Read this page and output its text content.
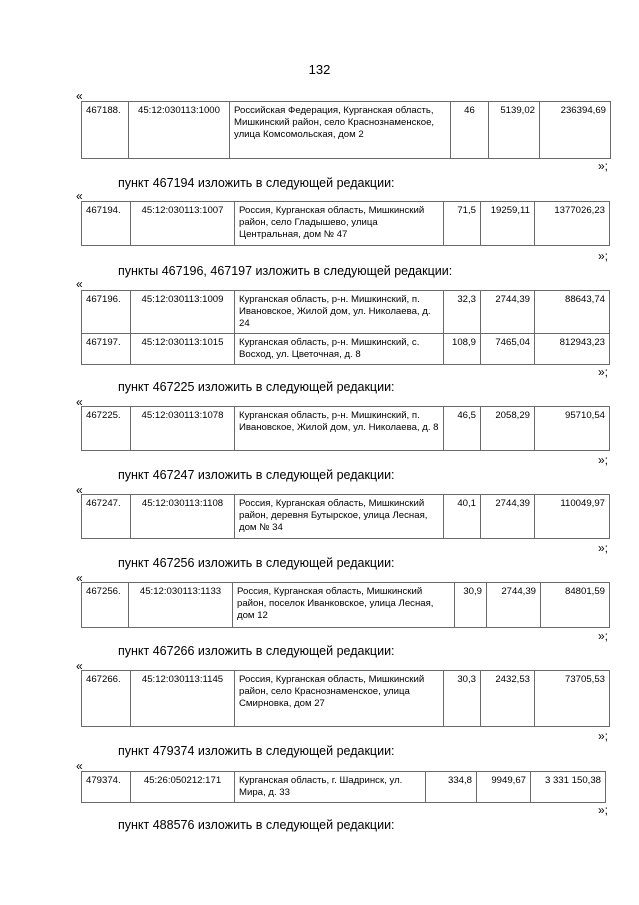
132
«
467188.	45:12:030113:1000	Российская Федерация, Курганская область, Мишкинский район, село Краснознаменское, улица Комсомольская, дом 2	46	5139,02	236394,69
»;
пункт 467194 изложить в следующей редакции:
«
467194.	45:12:030113:1007	Россия, Курганская область, Мишкинский район, село Гладышево, улица Центральная, дом № 47	71,5	19259,11	1377026,23
»;
пункты 467196, 467197 изложить в следующей редакции:
«
467196.	45:12:030113:1009	Курганская область, р-н. Мишкинский, п. Ивановское, Жилой дом, ул. Николаева, д. 24	32,3	2744,39	88643,74
467197.	45:12:030113:1015	Курганская область, р-н. Мишкинский, с. Восход, ул. Цветочная, д. 8	108,9	7465,04	812943,23
»;
пункт 467225 изложить в следующей редакции:
«
467225.	45:12:030113:1078	Курганская область, р-н. Мишкинский, п. Ивановское, Жилой дом, ул. Николаева, д. 8	46,5	2058,29	95710,54
»;
пункт 467247 изложить в следующей редакции:
«
467247.	45:12:030113:1108	Россия, Курганская область, Мишкинский район, деревня Бутырское, улица Лесная, дом № 34	40,1	2744,39	110049,97
»;
пункт 467256 изложить в следующей редакции:
«
467256.	45:12:030113:1133	Россия, Курганская область, Мишкинский район, поселок Иванковское, улица Лесная, дом 12	30,9	2744,39	84801,59
»;
пункт 467266 изложить в следующей редакции:
«
467266.	45:12:030113:1145	Россия, Курганская область, Мишкинский район, село Краснознаменское, улица Смирновка, дом 27	30,3	2432,53	73705,53
»;
пункт 479374 изложить в следующей редакции:
«
479374.	45:26:050212:171	Курганская область, г. Шадринск, ул. Мира, д. 33	334,8	9949,67	3 331 150,38
»;
пункт 488576 изложить в следующей редакции:
